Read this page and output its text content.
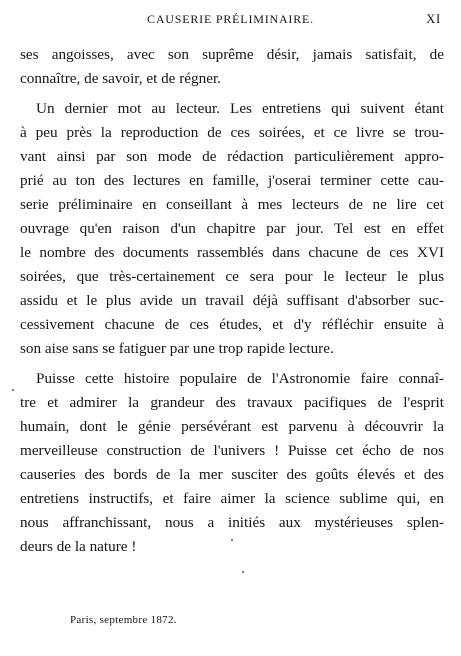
CAUSERIE PRÉLIMINAIRE.	XI
ses angoisses, avec son suprême désir, jamais satisfait, de
connaître, de savoir, et de régner.
Un dernier mot au lecteur. Les entretiens qui suivent étant
à peu près la reproduction de ces soirées, et ce livre se trou-
vant ainsi par son mode de rédaction particulièrement appro-
prié au ton des lectures en famille, j'oserai terminer cette cau-
serie préliminaire en conseillant à mes lecteurs de ne lire cet
ouvrage qu'en raison d'un chapitre par jour. Tel est en effet
le nombre des documents rassemblés dans chacune de ces XVI
soirées, que très-certainement ce sera pour le lecteur le plus
assidu et le plus avide un travail déjà suffisant d'absorber suc-
cessivement chacune de ces études, et d'y réfléchir ensuite à
son aise sans se fatiguer par une trop rapide lecture.
Puisse cette histoire populaire de l'Astronomie faire connaî-
tre et admirer la grandeur des travaux pacifiques de l'esprit
humain, dont le génie persévérant est parvenu à découvrir la
merveilleuse construction de l'univers ! Puisse cet écho de nos
causeries des bords de la mer susciter des goûts élevés et des
entretiens instructifs, et faire aimer la science sublime qui, en
nous affranchissant, nous a initiés aux mystérieuses splen-
deurs de la nature !
Paris, septembre 1872.
